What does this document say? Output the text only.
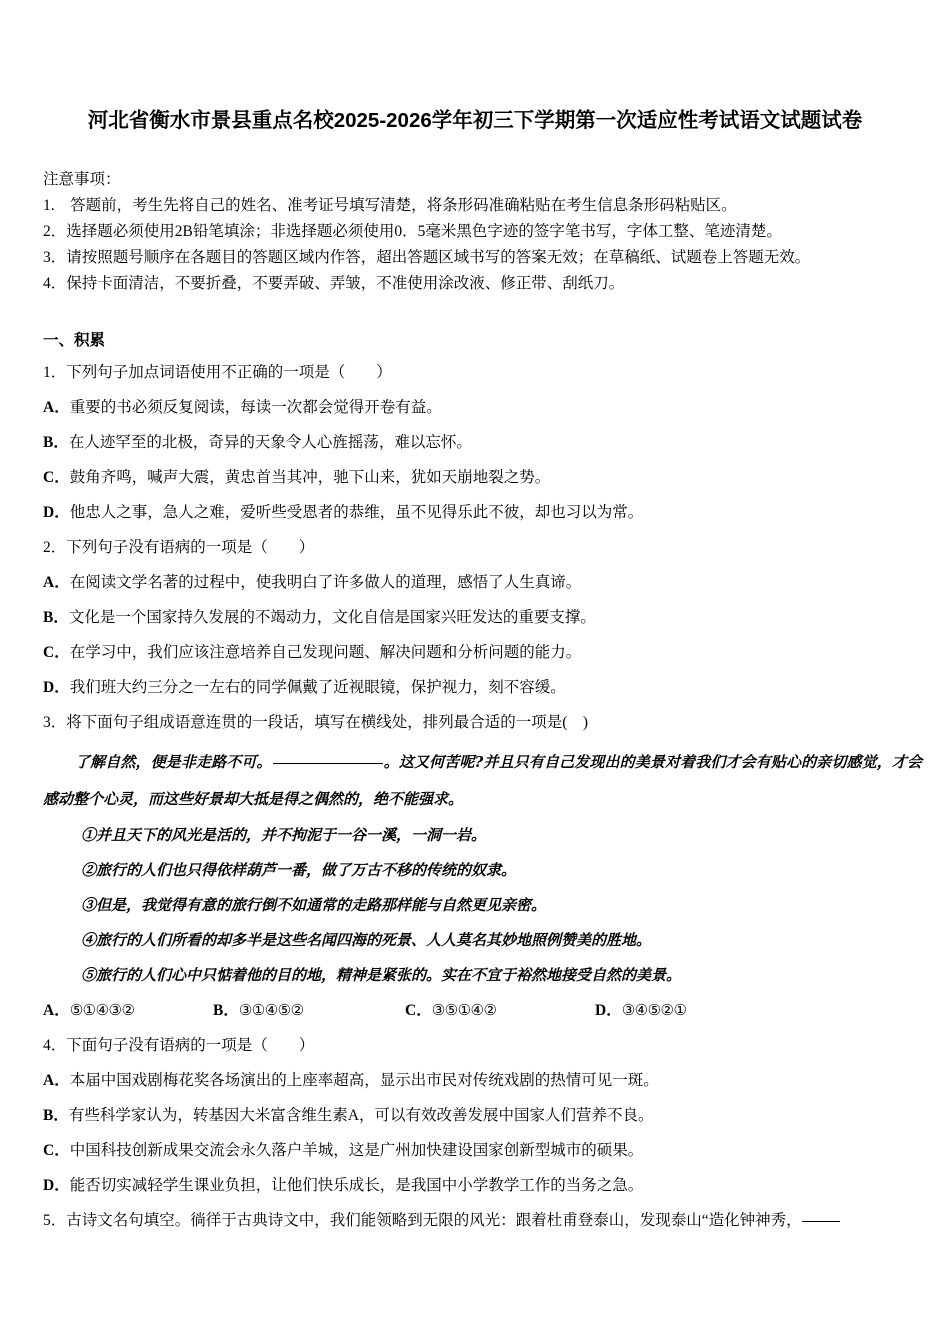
河北省衡水市景县重点名校2025-2026学年初三下学期第一次适应性考试语文试题试卷
注意事项：
1.　答题前，考生先将自己的姓名、准考证号填写清楚，将条形码准确粘贴在考生信息条形码粘贴区。
2．选择题必须使用2B铅笔填涂；非选择题必须使用0．5毫米黑色字迹的签字笔书写，字体工整、笔迹清楚。
3．请按照题号顺序在各题目的答题区域内作答，超出答题区域书写的答案无效；在草稿纸、试题卷上答题无效。
4．保持卡面清洁，不要折叠，不要弄破、弄皱，不准使用涂改液、修正带、刮纸刀。
一、积累
1．下列句子加点词语使用不正确的一项是（　　）
A．重要的书必须反复阅读，每读一次都会觉得开卷有益。
B．在人迹罕至的北极，奇异的天象令人心旌摇荡，难以忘怀。
C．鼓角齐鸣，喊声大震，黄忠首当其冲，驰下山来，犹如天崩地裂之势。
D．他忠人之事，急人之难，爱听些受恩者的恭维，虽不见得乐此不彼，却也习以为常。
2．下列句子没有语病的一项是（　　）
A．在阅读文学名著的过程中，使我明白了许多做人的道理，感悟了人生真谛。
B．文化是一个国家持久发展的不竭动力，文化自信是国家兴旺发达的重要支撑。
C．在学习中，我们应该注意培养自己发现问题、解决问题和分析问题的能力。
D．我们班大约三分之一左右的同学佩戴了近视眼镜，保护视力，刻不容缓。
3．将下面句子组成语意连贯的一段话，填写在横线处，排列最合适的一项是(　)
了解自然，便是非走路不可。	。这又何苦呢?并且只有自己发现出的美景对着我们才会有贴心的亲切感觉，才会感动整个心灵，而这些好景却大抵是得之偶然的，绝不能强求。
①并且天下的风光是活的，并不拘泥于一谷一溪，一洞一岩。
②旅行的人们也只得依样葫芦一番，做了万古不移的传统的奴隶。
③但是，我觉得有意的旅行倒不如通常的走路那样能与自然更见亲密。
④旅行的人们所看的却多半是这些名闻四海的死景、人人莫名其妙地照例赞美的胜地。
⑤旅行的人们心中只惦着他的目的地，精神是紧张的。实在不宜于裕然地接受自然的美景。
A．⑤①④③②	B．③①④⑤②	C．③⑤①④②	D．③④⑤②①
4．下面句子没有语病的一项是（　　）
A．本届中国戏剧梅花奖各场演出的上座率超高，显示出市民对传统戏剧的热情可见一斑。
B．有些科学家认为，转基因大米富含维生素A，可以有效改善发展中国家人们营养不良。
C．中国科技创新成果交流会永久落户羊城，这是广州加快建设国家创新型城市的硕果。
D．能否切实减轻学生课业负担，让他们快乐成长，是我国中小学教学工作的当务之急。
5．古诗文名句填空。徜徉于古典诗文中，我们能领略到无限的风光：跟着杜甫登泰山，发现泰山“造化钟神秀，
